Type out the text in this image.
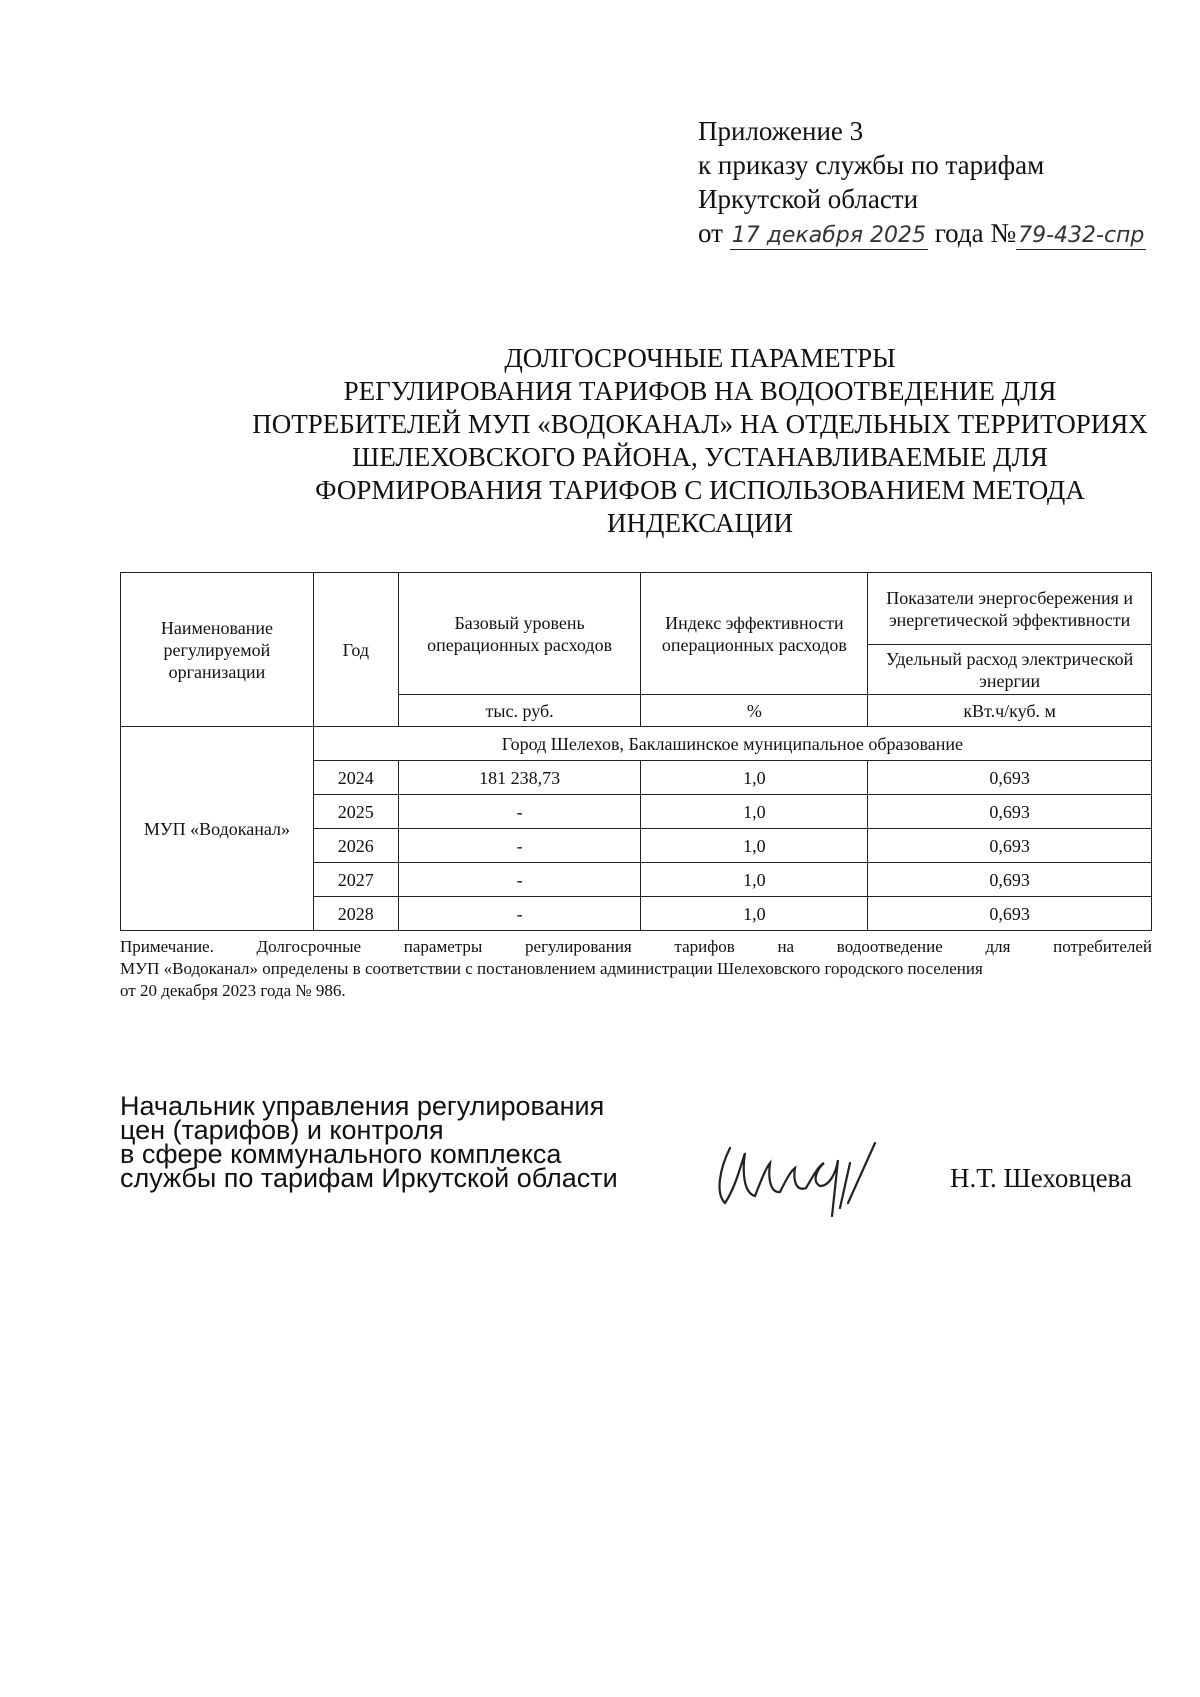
Приложение 3
к приказу службы по тарифам
Иркутской области
от 17 декабря 2025 года №79-432-спр
ДОЛГОСРОЧНЫЕ ПАРАМЕТРЫ
РЕГУЛИРОВАНИЯ ТАРИФОВ НА ВОДООТВЕДЕНИЕ ДЛЯ
ПОТРЕБИТЕЛЕЙ МУП «ВОДОКАНАЛ» НА ОТДЕЛЬНЫХ ТЕРРИТОРИЯХ
ШЕЛЕХОВСКОГО РАЙОНА, УСТАНАВЛИВАЕМЫЕ ДЛЯ
ФОРМИРОВАНИЯ ТАРИФОВ С ИСПОЛЬЗОВАНИЕМ МЕТОДА
ИНДЕКСАЦИИ
Наименование регулируемой организации	Год	Базовый уровень операционных расходов	Индекс эффективности операционных расходов	Показатели энергосбережения и энергетической эффективности
				Удельный расход электрической энергии
		тыс. руб.	%	кВт.ч/куб. м
МУП «Водоканал»	Город Шелехов, Баклашинское муниципальное образование			
	2024	181 238,73	1,0	0,693
	2025	-	1,0	0,693
	2026	-	1,0	0,693
	2027	-	1,0	0,693
	2028	-	1,0	0,693

Примечание. Долгосрочные параметры регулирования тарифов на водоотведение для потребителей

МУП «Водоканал» определены в соответствии с постановлением администрации Шелеховского городского поселения

от 20 декабря 2023 года № 986.

Начальник управления регулирования
цен (тарифов) и контроля
в сфере коммунального комплекса
службы по тарифам Иркутской области	Н.Т. Шеховцева
